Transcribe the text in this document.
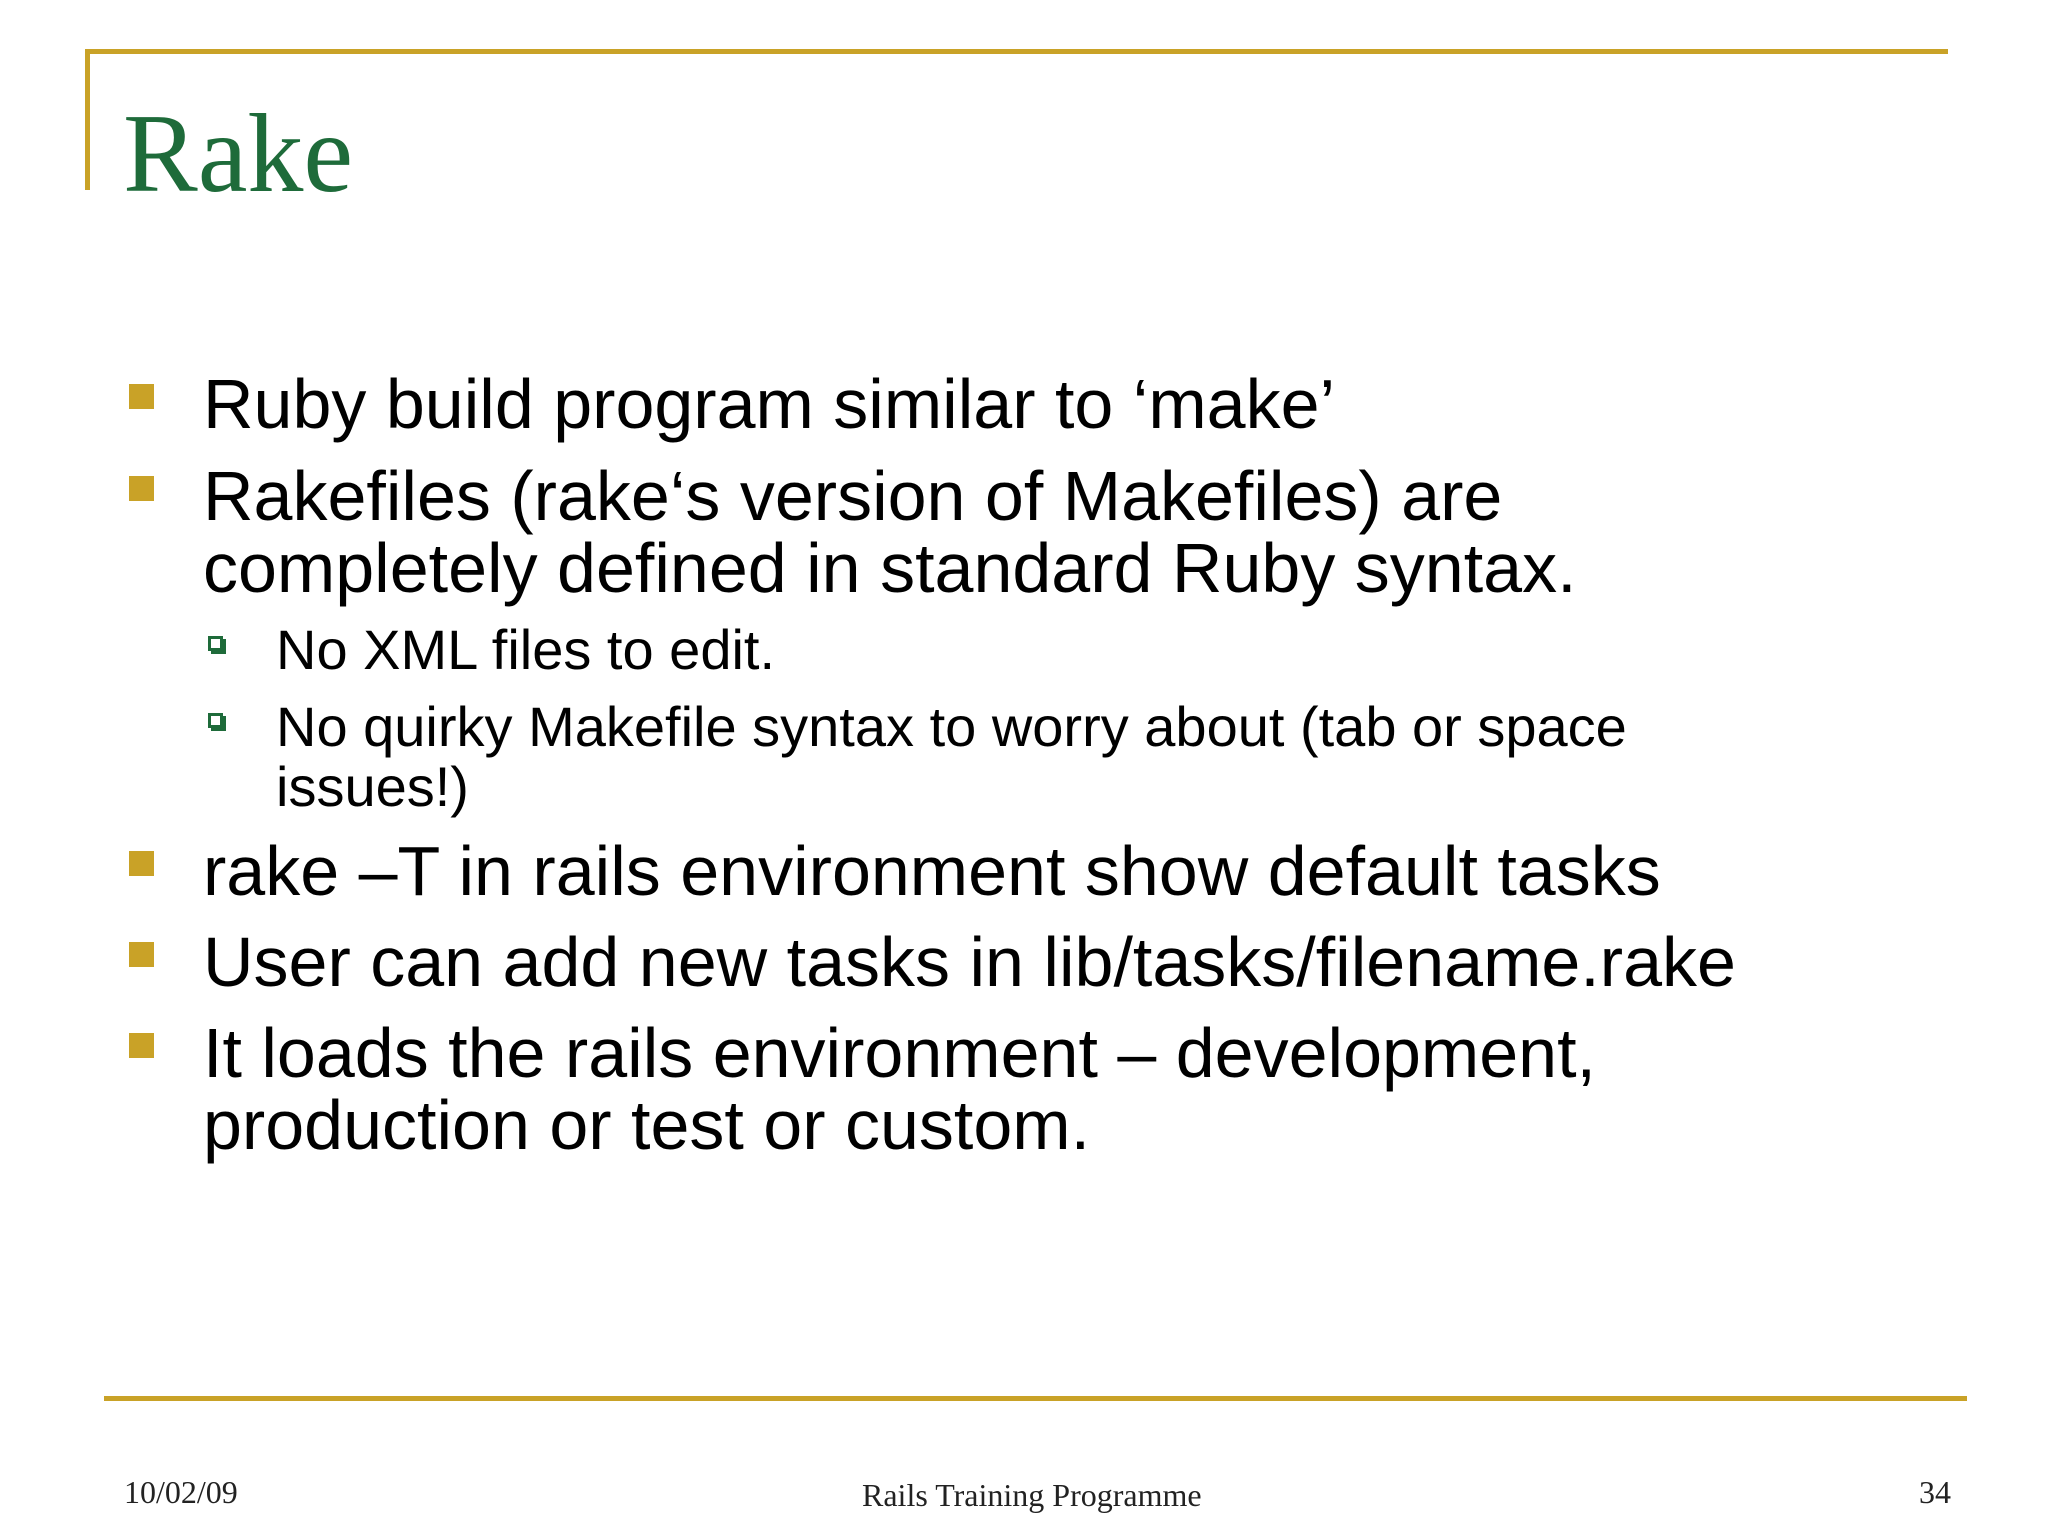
Rake
Ruby build program similar to ‘make’
Rakefiles (rake‘s version of Makefiles) are
completely defined in standard Ruby syntax.
No XML files to edit.
No quirky Makefile syntax to worry about (tab or space
issues!)
rake –T in rails environment show default tasks
User can add new tasks in lib/tasks/filename.rake
It loads the rails environment – development,
production or test or custom.
10/02/09	Rails Training Programme	34
